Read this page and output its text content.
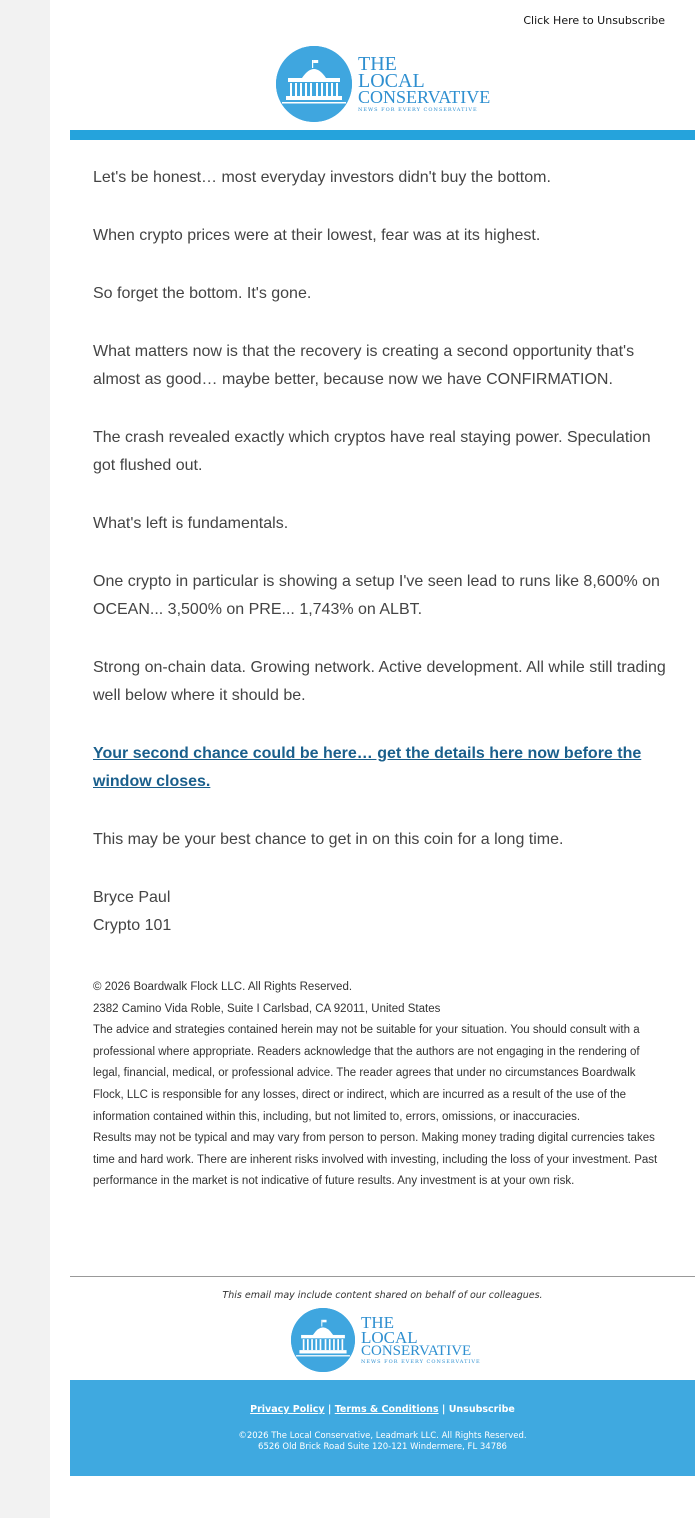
Click Here to Unsubscribe
THE
LOCAL
CONSERVATIVE
NEWS FOR EVERY CONSERVATIVE

Let's be honest… most everyday investors didn't buy the bottom.

When crypto prices were at their lowest, fear was at its highest.

So forget the bottom. It's gone.

What matters now is that the recovery is creating a second opportunity that's almost as good… maybe better, because now we have CONFIRMATION.

The crash revealed exactly which cryptos have real staying power. Speculation got flushed out.

What's left is fundamentals.

One crypto in particular is showing a setup I've seen lead to runs like 8,600% on OCEAN... 3,500% on PRE... 1,743% on ALBT.

Strong on-chain data. Growing network. Active development. All while still trading well below where it should be.

Your second chance could be here… get the details here now before the window closes.

This may be your best chance to get in on this coin for a long time.

Bryce Paul
Crypto 101
© 2026 Boardwalk Flock LLC. All Rights Reserved.
2382 Camino Vida Roble, Suite I Carlsbad, CA 92011, United States
The advice and strategies contained herein may not be suitable for your situation. You should consult with a professional where appropriate. Readers acknowledge that the authors are not engaging in the rendering of legal, financial, medical, or professional advice. The reader agrees that under no circumstances Boardwalk Flock, LLC is responsible for any losses, direct or indirect, which are incurred as a result of the use of the information contained within this, including, but not limited to, errors, omissions, or inaccuracies.
Results may not be typical and may vary from person to person. Making money trading digital currencies takes time and hard work. There are inherent risks involved with investing, including the loss of your investment. Past performance in the market is not indicative of future results. Any investment is at your own risk.
This email may include content shared on behalf of our colleagues.
THE
LOCAL
CONSERVATIVE
NEWS FOR EVERY CONSERVATIVE
Privacy Policy | Terms & Conditions | Unsubscribe
©2026 The Local Conservative, Leadmark LLC. All Rights Reserved.
6526 Old Brick Road Suite 120-121 Windermere, FL 34786
